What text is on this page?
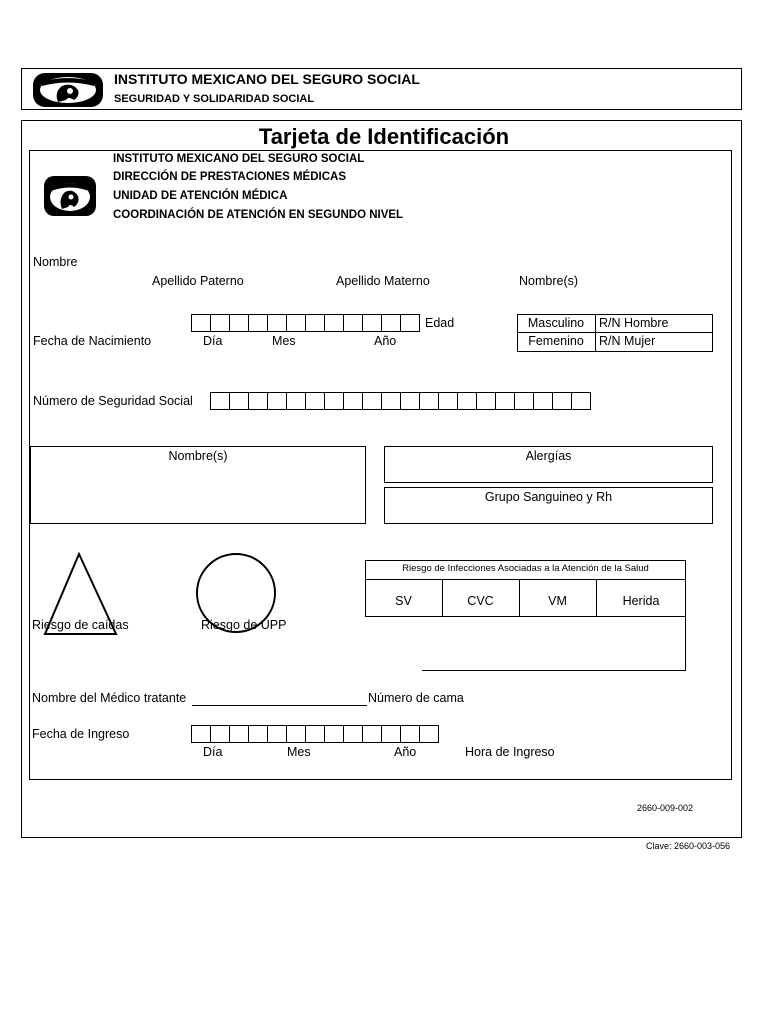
INSTITUTO MEXICANO DEL SEGURO SOCIAL
SEGURIDAD Y SOLIDARIDAD SOCIAL
Tarjeta de Identificación
INSTITUTO MEXICANO DEL SEGURO SOCIAL
DIRECCIÓN DE PRESTACIONES MÉDICAS
UNIDAD DE ATENCIÓN MÉDICA
COORDINACIÓN DE ATENCIÓN EN SEGUNDO NIVEL
Nombre
Apellido Paterno	Apellido Materno	Nombre(s)
Edad
Fecha de Nacimiento	Día	Mes	Año
Masculino	R/N Hombre
Femenino	R/N Mujer
Número de Seguridad Social
Nombre(s)	Alergías
Grupo Sanguineo y Rh
Riesgo de caídas	Riesgo de UPP
Riesgo de Infecciones Asociadas a la Atención de la Salud
SV	CVC	VM	Herida
Nombre del Médico tratante	Número de cama
Fecha de Ingreso
Día	Mes	Año	Hora de Ingreso
2660-009-002
Clave: 2660-003-056
